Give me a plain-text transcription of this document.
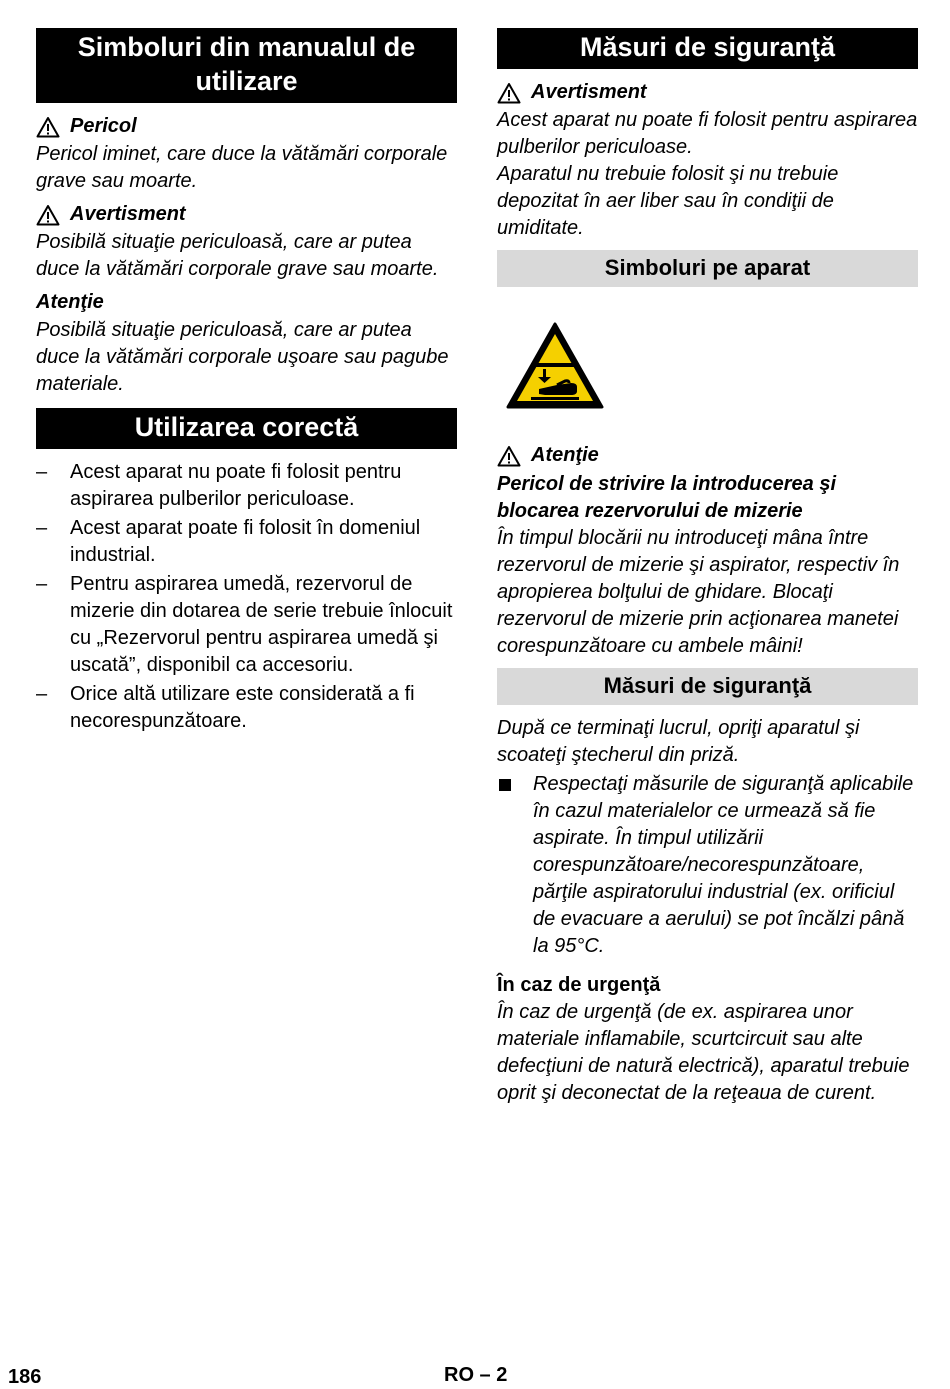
Simboluri din manualul de utilizare
Pericol

Pericol iminet, care duce la vătămări corporale grave sau moarte.

Avertisment

Posibilă situaţie periculoasă, care ar putea duce la vătămări corporale grave sau moarte.

Atenţie

Posibilă situaţie periculoasă, care ar putea duce la vătămări corporale uşoare sau pagube materiale.

Utilizarea corectă
–	Acest aparat nu poate fi folosit pentru aspirarea pulberilor periculoase.
–	Acest aparat poate fi folosit în domeniul industrial.
–	Pentru aspirarea umedă, rezervorul de mizerie din dotarea de serie trebuie înlocuit cu „Rezervorul pentru aspirarea umedă şi uscată”, disponibil ca accesoriu.
–	Orice altă utilizare este considerată a fi necorespunzătoare.
Măsuri de siguranţă
Avertisment

Acest aparat nu poate fi folosit pentru aspirarea pulberilor periculoase.

Aparatul nu trebuie folosit şi nu trebuie depozitat în aer liber sau în condiţii de umiditate.

Simboluri pe aparat
Atenţie

Pericol de strivire la introducerea şi blocarea rezervorului de mizerie

În timpul blocării nu introduceţi mâna între rezervorul de mizerie şi aspirator, respectiv în apropierea bolţului de ghidare. Blocaţi rezervorul de mizerie prin acţionarea manetei corespunzătoare cu ambele mâini!

Măsuri de siguranţă

După ce terminaţi lucrul, opriţi aparatul şi scoateţi ştecherul din priză.

Respectaţi măsurile de siguranţă aplicabile în cazul materialelor ce urmează să fie aspirate. În timpul utilizării corespunzătoare/necorespunzătoare, părţile aspiratorului industrial (ex. orificiul de evacuare a aerului) se pot încălzi până la 95°C.

În caz de urgenţă

În caz de urgenţă (de ex. aspirarea unor materiale inflamabile, scurtcircuit sau alte defecţiuni de natură electrică), aparatul trebuie oprit şi deconectat de la reţeaua de curent.

186	RO – 2
